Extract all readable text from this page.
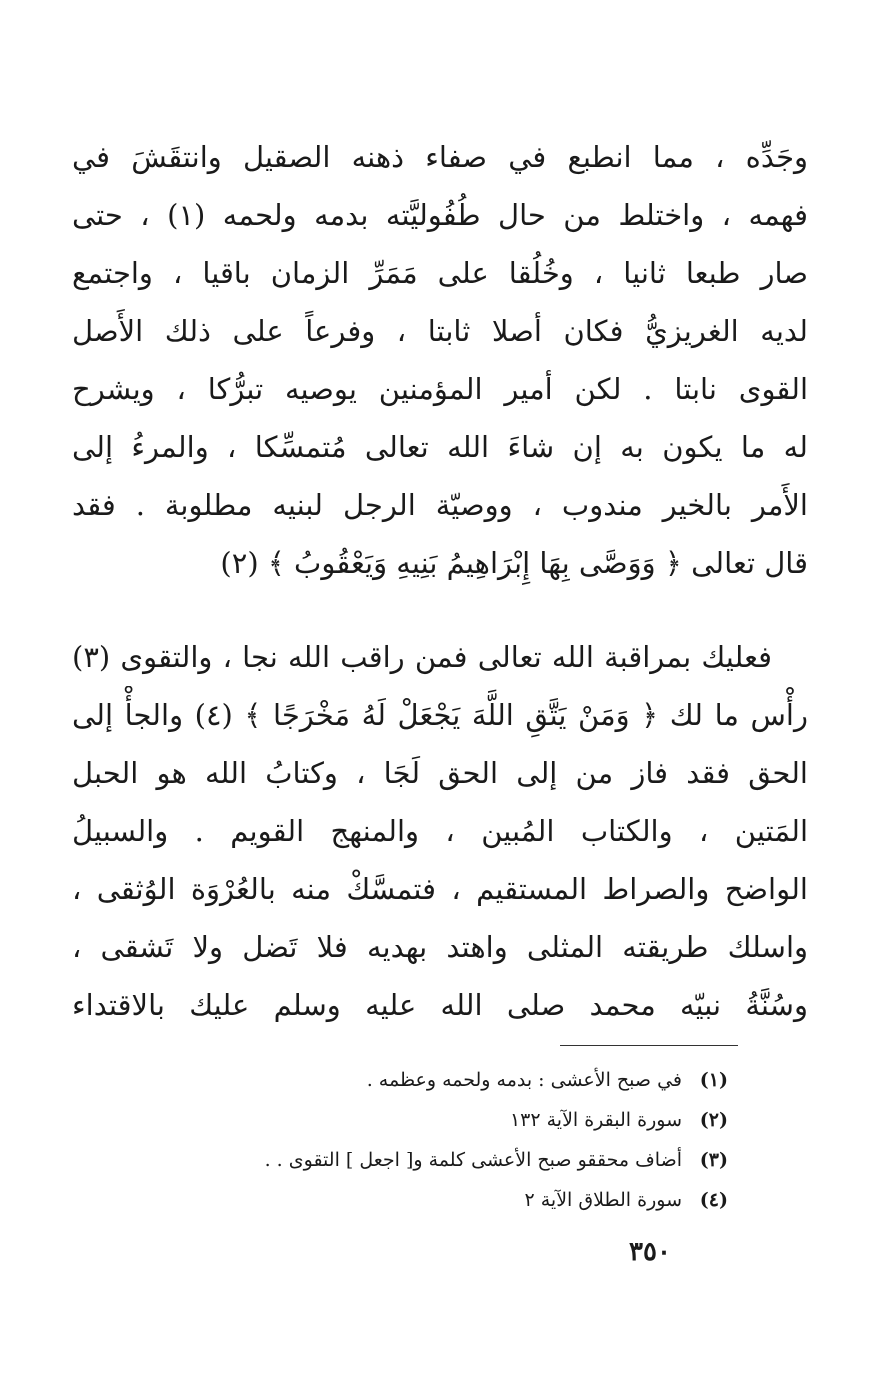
وجَدِّه ، مما انطبع في صفاء ذهنه الصقيل وانتقَشَ في
فهمه ، واختلط من حال طُفُوليَّته بدمه ولحمه (١) ، حتى
صار طبعا ثانيا ، وخُلُقا على مَمَرِّ الزمان باقيا ، واجتمع
لديه الغريزيُّ فكان أصلا ثابتا ، وفرعاً على ذلك الأَصل
القوى نابتا . لكن أمير المؤمنين يوصيه تبرُّكا ، ويشرح
له ما يكون به إن شاءَ الله تعالى مُتمسِّكا ، والمرءُ إلى
الأَمر بالخير مندوب ، ووصيّة الرجل لبنيه مطلوبة . فقد
قال تعالى ﴿ وَوَصَّى بِهَا إِبْرَاهِيمُ بَنِيهِ وَيَعْقُوبُ ﴾ (٢)
فعليك بمراقبة الله تعالى فمن راقب الله نجا ، والتقوى (٣)
رأْس ما لك ﴿ وَمَنْ يَتَّقِ اللَّهَ يَجْعَلْ لَهُ مَخْرَجًا ﴾ (٤) والجأْ إلى
الحق فقد فاز من إلى الحق لَجَا ، وكتابُ الله هو الحبل
المَتين ، والكتاب المُبين ، والمنهج القويم . والسبيلُ
الواضح والصراط المستقيم ، فتمسَّكْ منه بالعُرْوَة الوُثقى ،
واسلك طريقته المثلى واهتد بهديه فلا تَضل ولا تَشقى ،
وسُنَّةُ نبيّه محمد صلى الله عليه وسلم عليك بالاقتداء
(١)في صبح الأعشى : بدمه ولحمه وعظمه .
(٢)سورة البقرة الآية ١٣٢
(٣)أضاف محققو صبح الأعشى كلمة و[ اجعل ] التقوى . .
(٤)سورة الطلاق الآية ٢
٣٥٠
